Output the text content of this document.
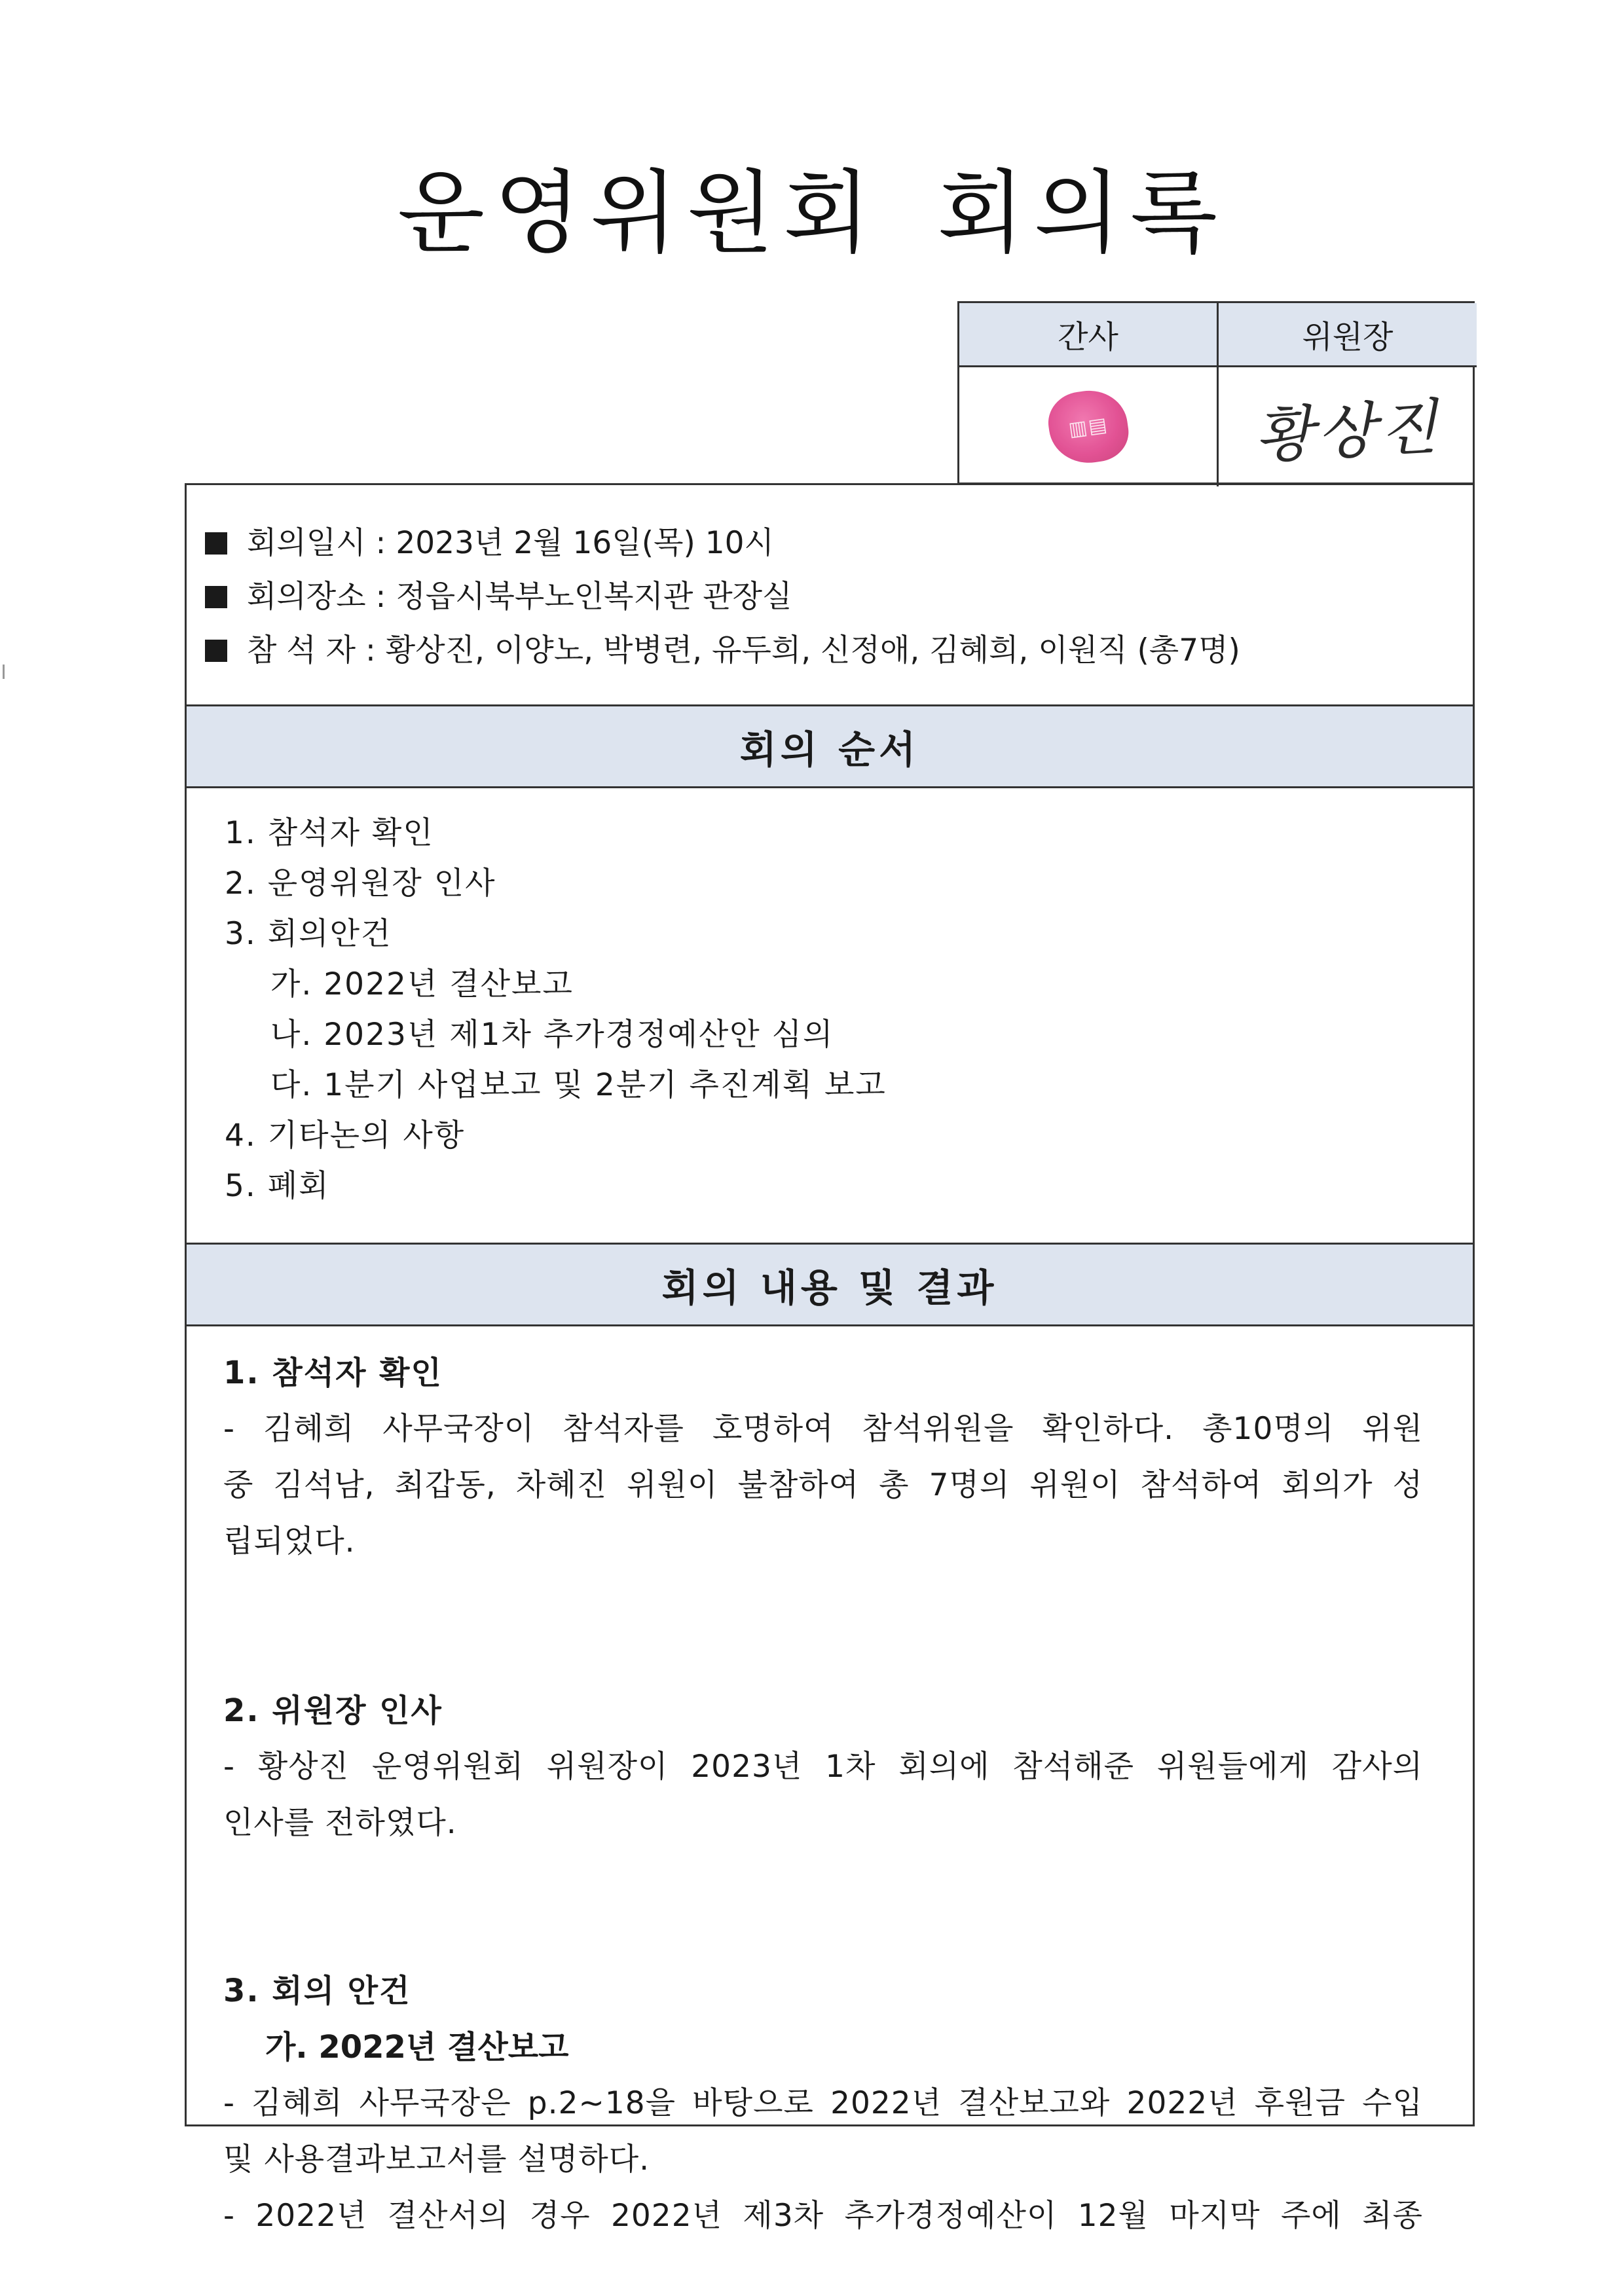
운영위원회 회의록
간사	위원장
▥▤ 황상진
회의일시 : 2023년 2월 16일(목) 10시
회의장소 : 정읍시북부노인복지관 관장실
참 석 자 : 황상진, 이양노, 박병련, 유두희, 신정애, 김혜희, 이원직 (총7명)
회의 순서
1. 참석자 확인
2. 운영위원장 인사
3. 회의안건
가. 2022년 결산보고
나. 2023년 제1차 추가경정예산안 심의
다. 1분기 사업보고 및 2분기 추진계획 보고
4. 기타논의 사항
5. 폐회
회의 내용 및 결과
1. 참석자 확인
- 김혜희 사무국장이 참석자를 호명하여 참석위원을 확인하다. 총10명의 위원
중 김석남, 최갑동, 차혜진 위원이 불참하여 총 7명의 위원이 참석하여 회의가 성
립되었다.
2. 위원장 인사
- 황상진 운영위원회 위원장이 2023년 1차 회의에 참석해준 위원들에게 감사의
인사를 전하였다.
3. 회의 안건
가. 2022년 결산보고
- 김혜희 사무국장은 p.2~18을 바탕으로 2022년 결산보고와 2022년 후원금 수입
및 사용결과보고서를 설명하다.
- 2022년 결산서의 경우 2022년 제3차 추가경정예산이 12월 마지막 주에 최종
